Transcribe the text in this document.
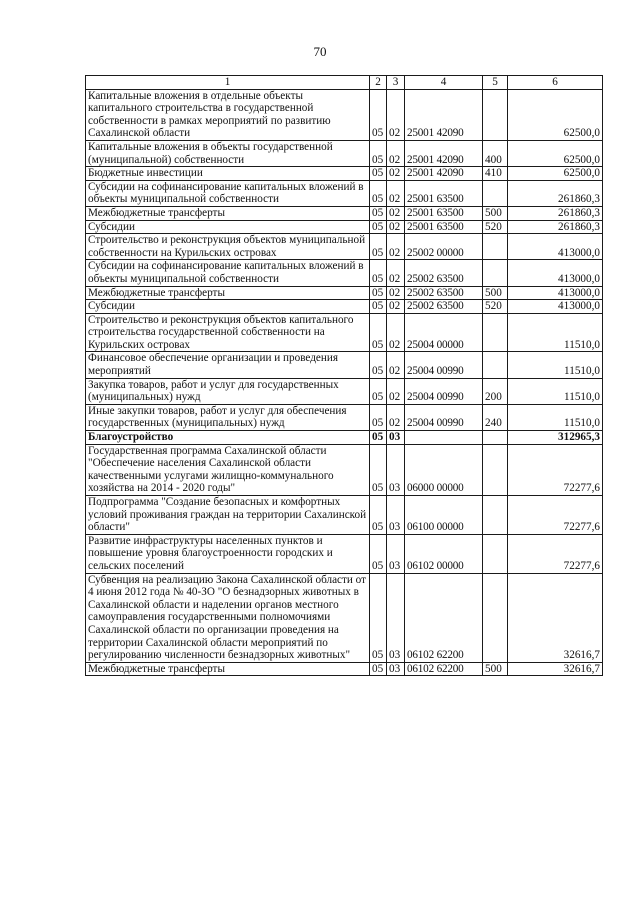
70
1	2	3	4	5	6
Капитальные вложения в отдельные объекты капитального строительства в государственной собственности в рамках мероприятий по развитию Сахалинской области	05	02	25001 42090		62500,0
Капитальные вложения в объекты государственной (муниципальной) собственности	05	02	25001 42090	400	62500,0
Бюджетные инвестиции	05	02	25001 42090	410	62500,0
Субсидии на софинансирование капитальных вложений в объекты муниципальной собственности	05	02	25001 63500		261860,3
Межбюджетные трансферты	05	02	25001 63500	500	261860,3
Субсидии	05	02	25001 63500	520	261860,3
Строительство и реконструкция объектов муниципальной собственности на Курильских островах	05	02	25002 00000		413000,0
Субсидии на софинансирование капитальных вложений в объекты муниципальной собственности	05	02	25002 63500		413000,0
Межбюджетные трансферты	05	02	25002 63500	500	413000,0
Субсидии	05	02	25002 63500	520	413000,0
Строительство и реконструкция объектов капитального строительства государственной собственности на Курильских островах	05	02	25004 00000		11510,0
Финансовое обеспечение организации и проведения мероприятий	05	02	25004 00990		11510,0
Закупка товаров, работ и услуг для государственных (муниципальных) нужд	05	02	25004 00990	200	11510,0
Иные закупки товаров, работ и услуг для обеспечения государственных (муниципальных) нужд	05	02	25004 00990	240	11510,0
Благоустройство	05	03			312965,3
Государственная программа Сахалинской области "Обеспечение населения Сахалинской области качественными услугами жилищно-коммунального хозяйства на 2014 - 2020 годы"	05	03	06000 00000		72277,6
Подпрограмма "Создание безопасных и комфортных условий проживания граждан на территории Сахалинской области"	05	03	06100 00000		72277,6
Развитие инфраструктуры населенных пунктов и повышение уровня благоустроенности городских и сельских поселений	05	03	06102 00000		72277,6
Субвенция на реализацию Закона Сахалинской области от 4 июня 2012 года № 40-ЗО "О безнадзорных животных в Сахалинской области и наделении органов местного самоуправления государственными полномочиями Сахалинской области по организации проведения на территории Сахалинской области мероприятий по регулированию численности безнадзорных животных"	05	03	06102 62200		32616,7
Межбюджетные трансферты	05	03	06102 62200	500	32616,7
